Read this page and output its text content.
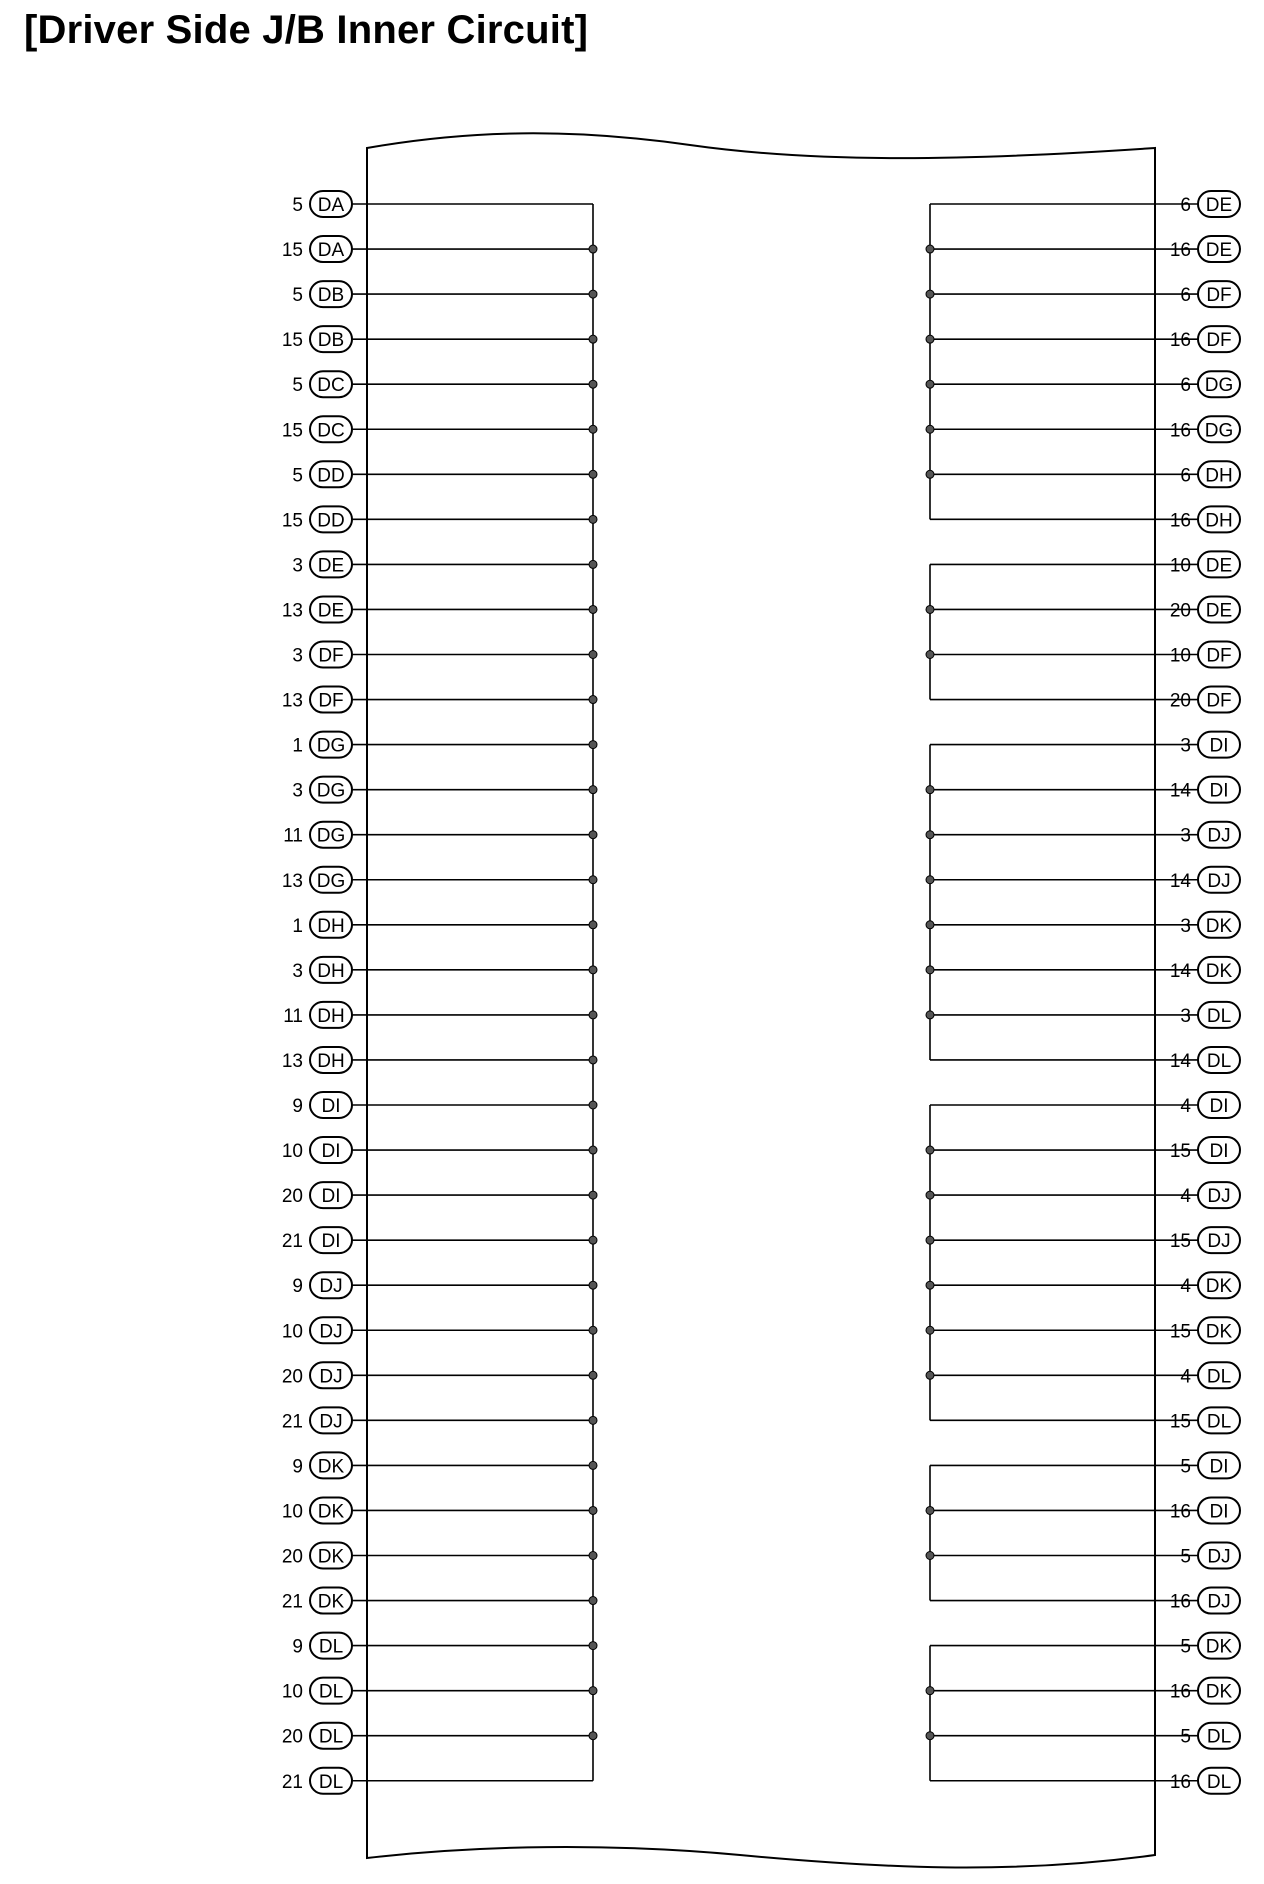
[Driver Side J/B Inner Circuit]
DA
5
DA
15
DB
5
DB
15
DC
5
DC
15
DD
5
DD
15
DE
3
DE
13
DF
3
DF
13
DG
1
DG
3
DG
11
DG
13
DH
1
DH
3
DH
11
DH
13
DI
9
DI
10
DI
20
DI
21
DJ
9
DJ
10
DJ
20
DJ
21
DK
9
DK
10
DK
20
DK
21
DL
9
DL
10
DL
20
DL
21
DE
6
DE
16
DF
6
DF
16
DG
6
DG
16
DH
6
DH
16
DE
10
DE
20
DF
10
DF
20
DI
3
DI
14
DJ
3
DJ
14
DK
3
DK
14
DL
3
DL
14
DI
4
DI
15
DJ
4
DJ
15
DK
4
DK
15
DL
4
DL
15
DI
5
DI
16
DJ
5
DJ
16
DK
5
DK
16
DL
5
DL
16
